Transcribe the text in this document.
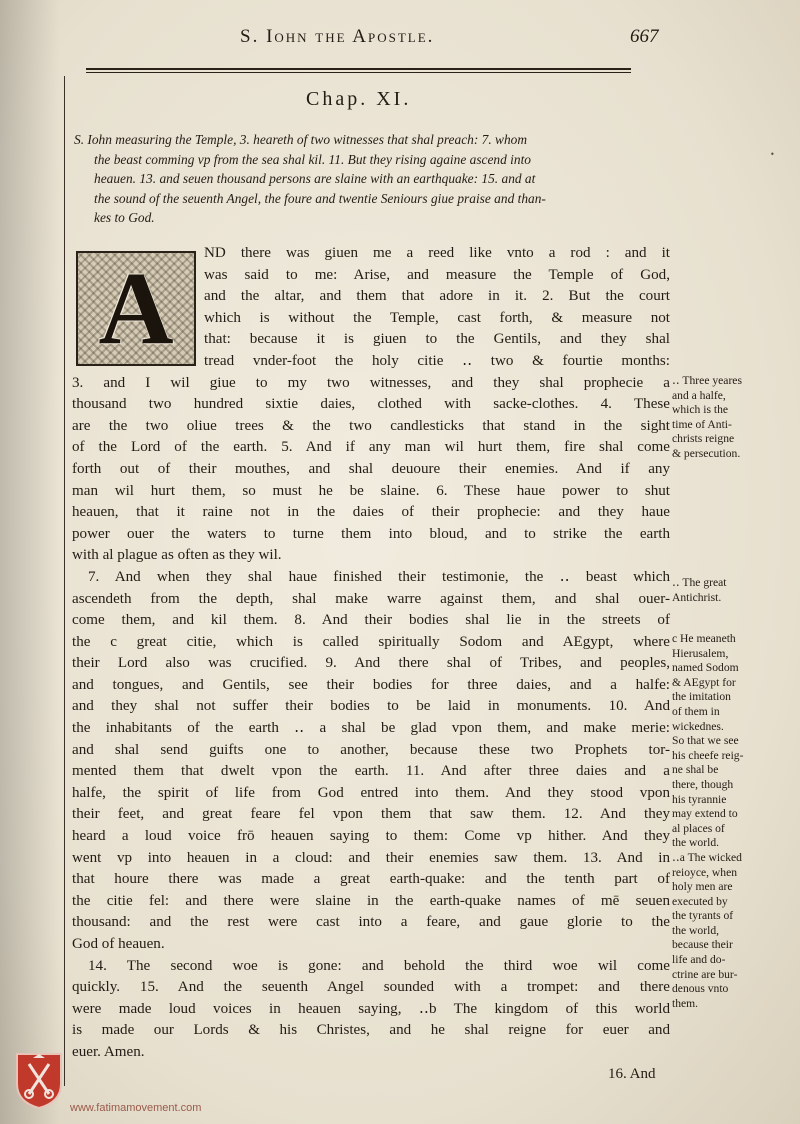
S. Iohn the Apostle.	667
Chap. XI.
S. Iohn measuring the Temple, 3. heareth of two witnesses that shal preach: 7. whom
the beast comming vp from the sea shal kil. 11. But they rising againe ascend into
heauen. 13. and seuen thousand persons are slaine with an earthquake: 15. and at
the sound of the seuenth Angel, the foure and twentie Seniours giue praise and than-
kes to God.
A	ND there was giuen me a reed like vnto a rod : and it
was said to me: Arise, and measure the Temple of God,
and the altar, and them that adore in it. 2. But the court
which is without the Temple, cast forth, & measure not
that: because it is giuen to the Gentils, and they shal
tread vnder-foot the holy citie ‥ two & fourtie months:
3. and I wil giue to my two witnesses, and they shal prophecie a
thousand two hundred sixtie daies, clothed with sacke-clothes. 4. These
are the two oliue trees & the two candlesticks that stand in the sight
of the Lord of the earth. 5. And if any man wil hurt them, fire shal come
forth out of their mouthes, and shal deuoure their enemies. And if any
man wil hurt them, so must he be slaine. 6. These haue power to shut
heauen, that it raine not in the daies of their prophecie: and they haue
power ouer the waters to turne them into bloud, and to strike the earth
with al plague as often as they wil.
7. And when they shal haue finished their testimonie, the ‥ beast which
ascendeth from the depth, shal make warre against them, and shal ouer-
come them, and kil them. 8. And their bodies shal lie in the streets of
the c great citie, which is called spiritually Sodom and AEgypt, where
their Lord also was crucified. 9. And there shal of Tribes, and peoples,
and tongues, and Gentils, see their bodies for three daies, and a halfe:
and they shal not suffer their bodies to be laid in monuments. 10. And
the inhabitants of the earth ‥ a shal be glad vpon them, and make merie:
and shal send guifts one to another, because these two Prophets tor-
mented them that dwelt vpon the earth. 11. And after three daies and a
halfe, the spirit of life from God entred into them. And they stood vpon
their feet, and great feare fel vpon them that saw them. 12. And they
heard a loud voice frō heauen saying to them: Come vp hither. And they
went vp into heauen in a cloud: and their enemies saw them. 13. And in
that houre there was made a great earth-quake: and the tenth part of
the citie fel: and there were slaine in the earth-quake names of mē seuen
thousand: and the rest were cast into a feare, and gaue glorie to the
God of heauen.
14. The second woe is gone: and behold the third woe wil come
quickly. 15. And the seuenth Angel sounded with a trompet: and there
were made loud voices in heauen saying, ‥b The kingdom of this world
is made our Lords & his Christes, and he shal reigne for euer and
euer. Amen.
‥ Three yeares
and a halfe,
which is the
time of Anti-
christs reigne
& persecution.
‥ The great
Antichrist.
c He meaneth
Hierusalem,
named Sodom
& AEgypt for
the imitation
of them in
wickednes.
So that we see
his cheefe reig-
ne shal be
there, though
his tyrannie
may extend to
al places of
the world.
‥a The wicked
reioyce, when
holy men are
executed by
the tyrants of
the world,
because their
life and do-
ctrine are bur-
denous vnto
them.
16. And
•
www.fatimamovement.com
